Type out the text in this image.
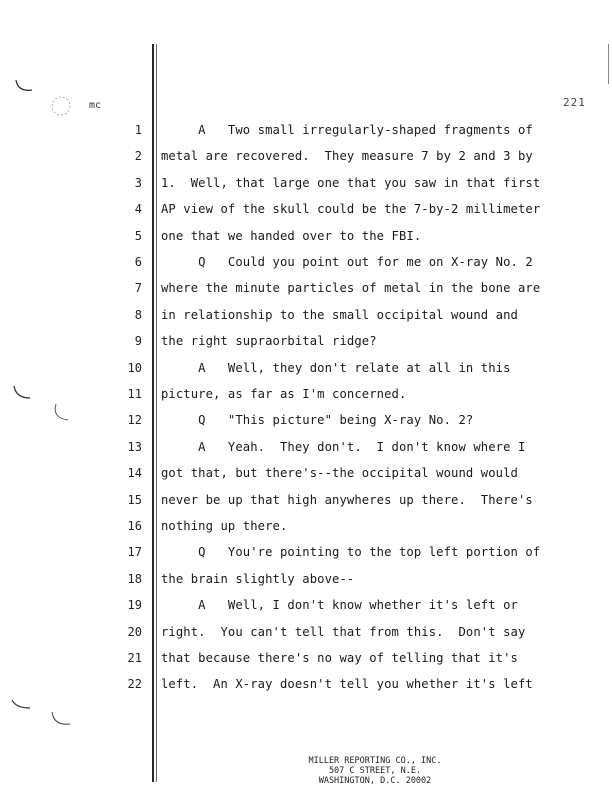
mc	221
1 A   Two small irregularly-shaped fragments of
2 metal are recovered.  They measure 7 by 2 and 3 by
3 1.  Well, that large one that you saw in that first
4 AP view of the skull could be the 7-by-2 millimeter
5 one that we handed over to the FBI.
6 Q   Could you point out for me on X-ray No. 2
7 where the minute particles of metal in the bone are
8 in relationship to the small occipital wound and
9 the right supraorbital ridge?
10 A   Well, they don't relate at all in this
11 picture, as far as I'm concerned.
12 Q   "This picture" being X-ray No. 2?
13 A   Yeah.  They don't.  I don't know where I
14 got that, but there's--the occipital wound would
15 never be up that high anywheres up there.  There's
16 nothing up there.
17 Q   You're pointing to the top left portion of
18 the brain slightly above--
19 A   Well, I don't know whether it's left or
20 right.  You can't tell that from this.  Don't say
21 that because there's no way of telling that it's
22 left.  An X-ray doesn't tell you whether it's left
MILLER REPORTING CO., INC.
507 C STREET, N.E.
WASHINGTON, D.C. 20002
